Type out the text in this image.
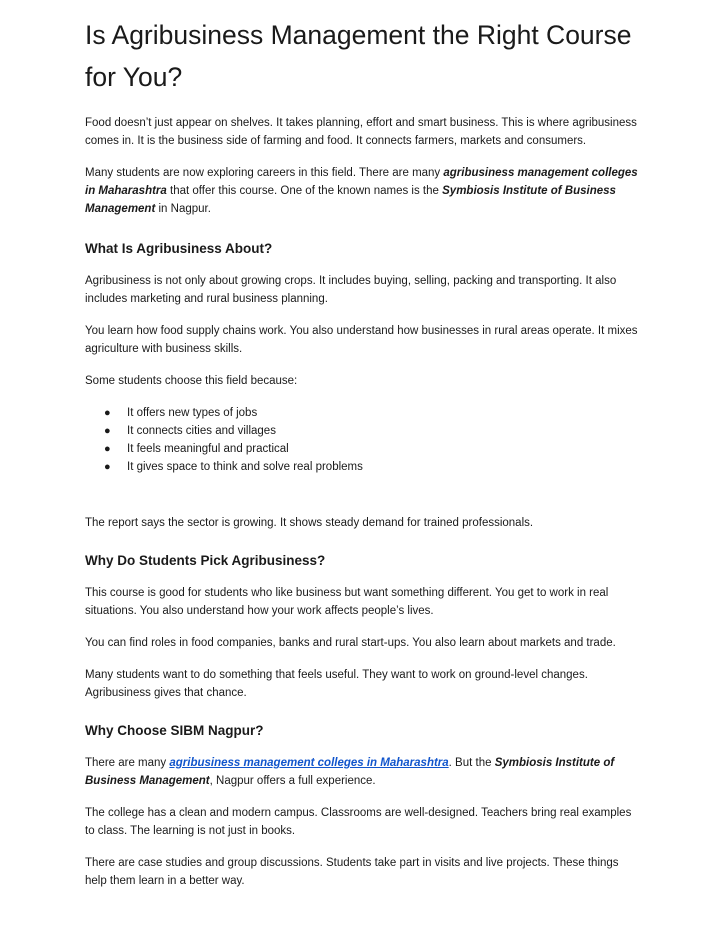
Is Agribusiness Management the Right Course for You?

Food doesn’t just appear on shelves. It takes planning, effort and smart business. This is where agribusiness comes in. It is the business side of farming and food. It connects farmers, markets and consumers.

Many students are now exploring careers in this field. There are many agribusiness management colleges in Maharashtra that offer this course. One of the known names is the Symbiosis Institute of Business Management in Nagpur.

What Is Agribusiness About?

Agribusiness is not only about growing crops. It includes buying, selling, packing and transporting. It also includes marketing and rural business planning.

You learn how food supply chains work. You also understand how businesses in rural areas operate. It mixes agriculture with business skills.

Some students choose this field because:

● It offers new types of jobs
● It connects cities and villages
● It feels meaningful and practical
● It gives space to think and solve real problems

The report says the sector is growing. It shows steady demand for trained professionals.

Why Do Students Pick Agribusiness?

This course is good for students who like business but want something different. You get to work in real situations. You also understand how your work affects people’s lives.

You can find roles in food companies, banks and rural start-ups. You also learn about markets and trade.

Many students want to do something that feels useful. They want to work on ground-level changes. Agribusiness gives that chance.

Why Choose SIBM Nagpur?

There are many agribusiness management colleges in Maharashtra. But the Symbiosis Institute of Business Management, Nagpur offers a full experience.

The college has a clean and modern campus. Classrooms are well-designed. Teachers bring real examples to class. The learning is not just in books.

There are case studies and group discussions. Students take part in visits and live projects. These things help them learn in a better way.
